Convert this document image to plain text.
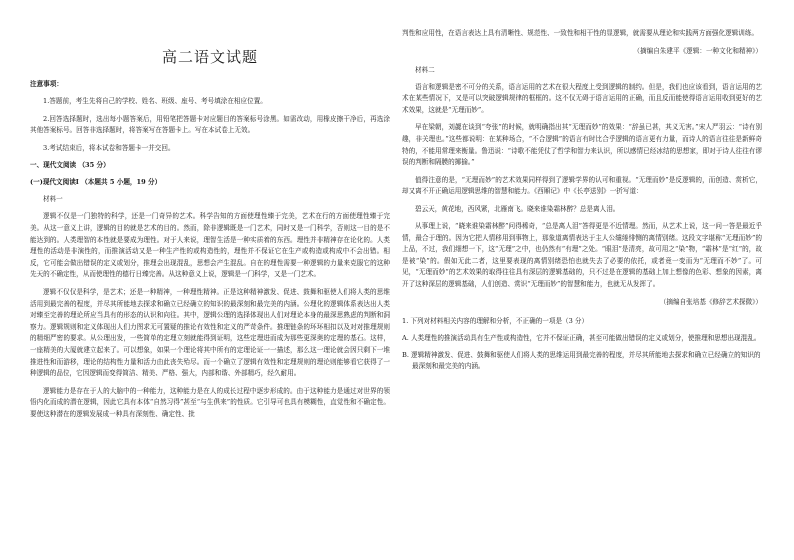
高二语文试题
注意事项：
1.答题前，考生先将自己的学校、姓名、班级、座号、考号填涂在相应位置。
2.回答选择题时，选出每小题答案后，用铅笔把答题卡对应题目的答案标号涂黑。如需改动，用橡皮擦干净后，再选涂其他答案标号。回答非选择题时，将答案写在答题卡上。写在本试卷上无效。
3.考试结束后，将本试卷和答题卡一并交回。
一、现代文阅读 （35 分）
(一)现代文阅读Ⅰ （本题共 5 小题，19 分）
材料一
逻辑不仅是一门独特的科学，还是一门奇异的艺术。科学告知的方面使理性臻于完美，艺术在行的方面使理性臻于完美。从这一意义上讲，逻辑的目的就是艺术的目的。然而，除非逻辑既是一门艺术，同时又是一门科学，否则这一目的是不能达到的。人类理智的本性就是要成为理性。对于人来说，理智生活是一种实质着的东西。理性并非精神存在论化的。人类理性的活动是非演性的，而推演活动又是一种生产性的或构造性的，理性并不保证它在生产或构造或构成中不会出错。相反，它可能会做出错误的定义或划分，推理会出现混乱，思想会产生混乱。自在的理性需要一种逻辑的力量来克服它的这种先天的不确定性，从而使理性的德行日臻完善。从这种意义上说，逻辑是一门科学，又是一门艺术。
逻辑不仅仅是科学，是艺术；还是一种精神，一种理性精神。正是这种精神激发、促进、鼓舞和驱使人们将人类的思维活用到最完善的程度，并尽其所能地去探求和确立已经确立的知识的最深刻和最完美的内涵。公理化的逻辑体系表达出人类对臻至完善的理论所应当具有的形态的认识和向往。其中，逻辑公理的选择体现出人们对理论本身的最深思熟虑的判断和洞察力。逻辑规则和定义体现出人们力图求无可置疑的推论有效性和定义的严苛条件。推理链条的环环相扣以及对对推理规则的精细严密的要求。从公理出发，一些简单的定理立刻就能得到证明，这些定理进而成为那些更深奥的定理的基石。这样，一座精美的大厦就建立起来了。可以想象，如果一个理论将其中所有的定理论证一一描述，那么这一理论就会因只剩下一堆推进性和而游移，理论的结构性力量和活力由此丧失殆尽。而一个确立了逻辑有效性和定理规则的理论则能够看它获得了一种逻辑的品位，它因逻辑而变得简洁、精美、严格、强大，内部和谐、外部精巧，经久耐用。
逻辑能力是存在于人的大脑中的一种能力，这种能力是在人的成长过程中逐步形成的。由于这种能力是通过对世界的领悟内化而成的潜在逻辑，因此它具有本体“自然习得”甚至“与生俱来”的性质。它引导可也具有模糊性，直觉性和不确定性。要使这种潜在的逻辑发展成一种具有深刻性、确定性、批
判性和应用性，在语言表达上具有清晰性、规范性、一致性和相干性的显逻辑，就需要从理论和实践两方面强化逻辑训练。
（摘编自朱建平《逻辑：一种文化和精神》）
材料二
语言和逻辑是密不可分的关系，语言运用的艺术在很大程度上受到逻辑的制约。但是，我们也应该看到，语言运用的艺术在某些情况下，又是可以突破逻辑规律的框框的。这不仅无碍于语言运用的正确，而且反而能使得语言运用收到更好的艺术效果，这就是“无理而妙”。
早在梁朝，刘勰在谈到“夸张”的时候，就明确指出其“无理而妙”的效果：“辞虽已甚，其义无害。”宋人严羽云：“诗有别趣，非关理也。”这些都说明：在某种场合，“不合逻辑”的语言有时比合乎逻辑的语言更有力量，而诗人的语言往往是新鲜奇特的，不能用常理来衡量。鲁迅说：“诗歌不能凭仗了哲学和智力来认识，所以感情已经冰结的思想家，即对于诗人往往有谬误的判断和隔膜的揶揄。”
值得注意的是，“无理而妙”的艺术效果同样得到了逻辑学界的认可和重视。“无理而妙”是反逻辑的，而创造、赏析它，却又离不开正确运用逻辑思维的智慧和能力。《西厢记》中《长亭送别》一折写道：
碧云天，黄花地，西风紧，北雁南飞。晓来谁染霜林醉？总是离人泪。
从事理上说，“晓来谁染霜林醉”问得稀奇，“总是离人泪”答得更是不近情理。然而，从艺术上说，这一问一答是最近乎情，最合于理的。因为它把人情移用到事物上，那象道离情表达于主人公缱绻悱恻的离情别绪。这段文字堪称“无理而妙”的上品，不过，我们细想一下，这“无理”之中，也仍然有“有理”之处。“眼泪”是清亮，故可用之“染”物，“霜林”是“红”的，故是被“染”的。假如无此二者，这里要表现的离情别绪恐怕也就失去了必要的依托，或者竟一变而为“无理而不妙”了。可见，“无理而妙”的艺术效果的取得往往具有深层的逻辑基础的，只不过是在逻辑的基础上加上想像的色彩、想象的因素，离开了这种深层的逻辑基础，人们创造、赏识“无理而妙”的智慧和能力，也就无从发挥了。
（摘编自张培基《修辞艺术探微》）
1. 下列对材料相关内容的理解和分析，不正确的一项是（3 分）
A. 人类理性的推演活动具有生产性或构造性，它并不保证正确，甚至可能做出错误的定义或划分，使推理和思想出现混乱。
B. 逻辑精神激发、促进、鼓舞和驱使人们将人类的思维运用到最完善的程度，并尽其所能地去探求和确立已经确立的知识的最深刻和最完美的内涵。
